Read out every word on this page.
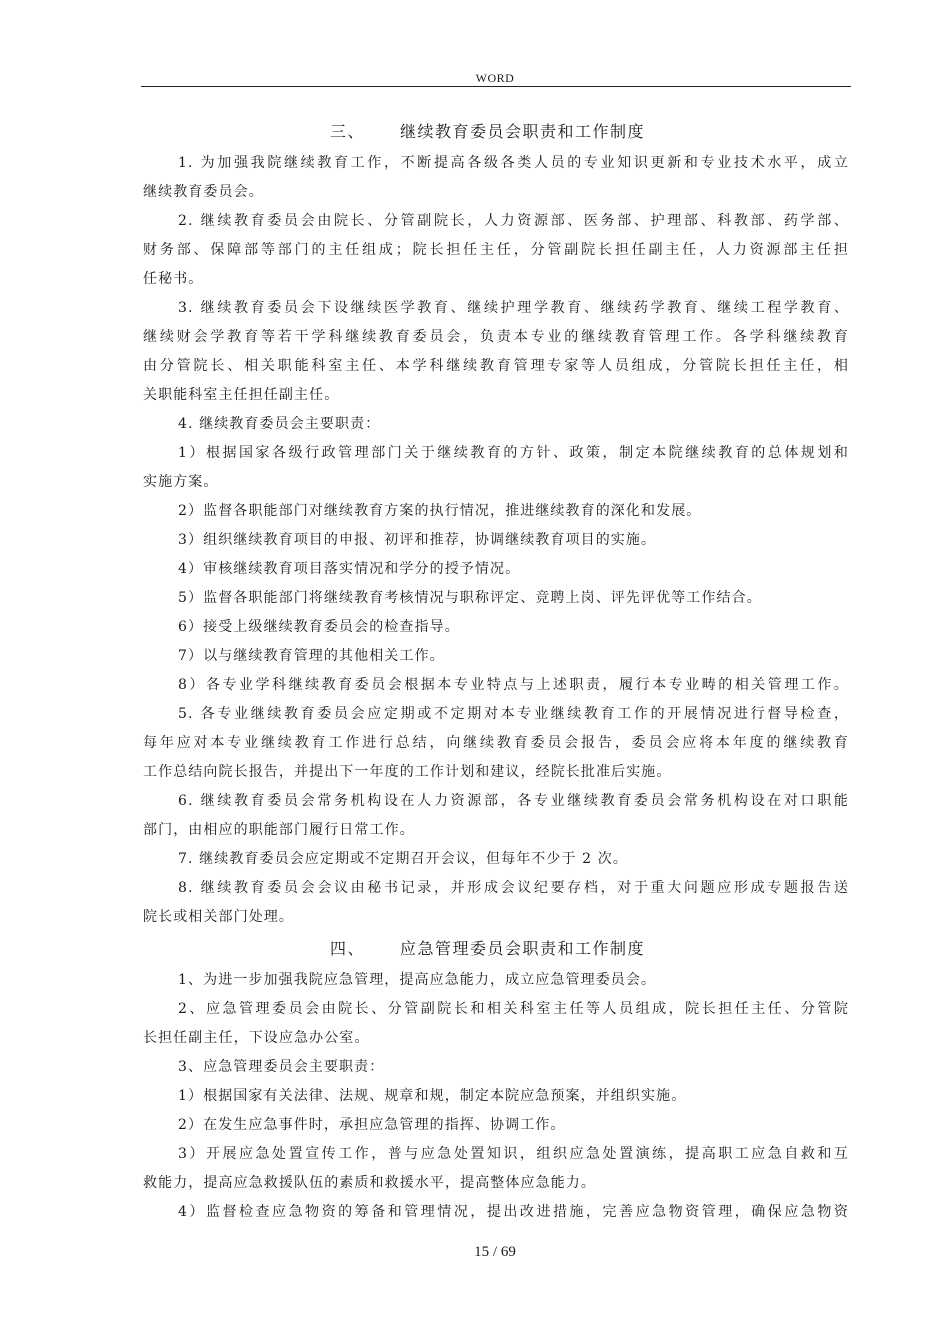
WORD
三、 继续教育委员会职责和工作制度
1. 为加强我院继续教育工作，不断提高各级各类人员的专业知识更新和专业技术水平，成立
继续教育委员会。
2. 继续教育委员会由院长、分管副院长，人力资源部、医务部、护理部、科教部、药学部、
财务部、保障部等部门的主任组成；院长担任主任，分管副院长担任副主任，人力资源部主任担
任秘书。
3. 继续教育委员会下设继续医学教育、继续护理学教育、继续药学教育、继续工程学教育、
继续财会学教育等若干学科继续教育委员会，负责本专业的继续教育管理工作。各学科继续教育
由分管院长、相关职能科室主任、本学科继续教育管理专家等人员组成，分管院长担任主任，相
关职能科室主任担任副主任。
4. 继续教育委员会主要职责：
1）根据国家各级行政管理部门关于继续教育的方针、政策，制定本院继续教育的总体规划和
实施方案。
2）监督各职能部门对继续教育方案的执行情况，推进继续教育的深化和发展。
3）组织继续教育项目的申报、初评和推荐，协调继续教育项目的实施。
4）审核继续教育项目落实情况和学分的授予情况。
5）监督各职能部门将继续教育考核情况与职称评定、竞聘上岗、评先评优等工作结合。
6）接受上级继续教育委员会的检查指导。
7）以与继续教育管理的其他相关工作。
8）各专业学科继续教育委员会根据本专业特点与上述职责，履行本专业畴的相关管理工作。
5. 各专业继续教育委员会应定期或不定期对本专业继续教育工作的开展情况进行督导检查，
每年应对本专业继续教育工作进行总结，向继续教育委员会报告，委员会应将本年度的继续教育
工作总结向院长报告，并提出下一年度的工作计划和建议，经院长批准后实施。
6. 继续教育委员会常务机构设在人力资源部，各专业继续教育委员会常务机构设在对口职能
部门，由相应的职能部门履行日常工作。
7. 继续教育委员会应定期或不定期召开会议，但每年不少于 2 次。
8. 继续教育委员会会议由秘书记录，并形成会议纪要存档，对于重大问题应形成专题报告送
院长或相关部门处理。
四、 应急管理委员会职责和工作制度
1、为进一步加强我院应急管理，提高应急能力，成立应急管理委员会。
2、应急管理委员会由院长、分管副院长和相关科室主任等人员组成，院长担任主任、分管院
长担任副主任，下设应急办公室。
3、应急管理委员会主要职责：
1）根据国家有关法律、法规、规章和规，制定本院应急预案，并组织实施。
2）在发生应急事件时，承担应急管理的指挥、协调工作。
3）开展应急处置宣传工作，普与应急处置知识，组织应急处置演练，提高职工应急自救和互
救能力，提高应急救援队伍的素质和救援水平，提高整体应急能力。
4）监督检查应急物资的筹备和管理情况，提出改进措施，完善应急物资管理，确保应急物资
15 / 69
